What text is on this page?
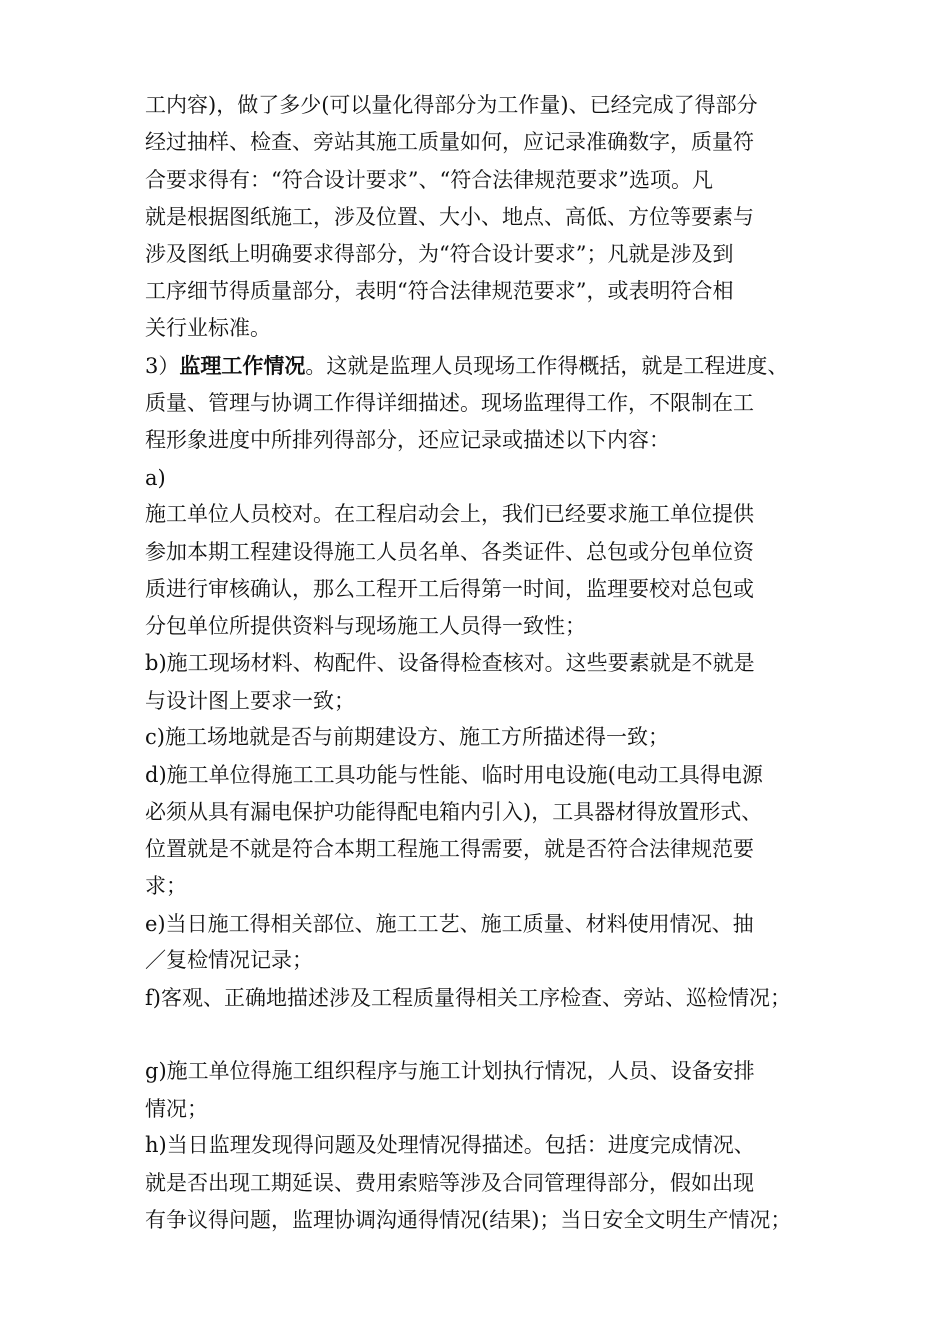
工内容)，做了多少(可以量化得部分为工作量)、已经完成了得部分
经过抽样、检查、旁站其施工质量如何，应记录准确数字，质量符
合要求得有：“符合设计要求”、“符合法律规范要求”选项。凡
就是根据图纸施工，涉及位置、大小、地点、高低、方位等要素与
涉及图纸上明确要求得部分，为“符合设计要求”；凡就是涉及到
工序细节得质量部分，表明“符合法律规范要求”，或表明符合相
关行业标准。
3）监理工作情况。这就是监理人员现场工作得概括，就是工程进度、
质量、管理与协调工作得详细描述。现场监理得工作，不限制在工
程形象进度中所排列得部分，还应记录或描述以下内容：
a)
施工单位人员校对。在工程启动会上，我们已经要求施工单位提供
参加本期工程建设得施工人员名单、各类证件、总包或分包单位资
质进行审核确认，那么工程开工后得第一时间，监理要校对总包或
分包单位所提供资料与现场施工人员得一致性；
b)施工现场材料、构配件、设备得检查核对。这些要素就是不就是
与设计图上要求一致；
c)施工场地就是否与前期建设方、施工方所描述得一致；
d)施工单位得施工工具功能与性能、临时用电设施(电动工具得电源
必须从具有漏电保护功能得配电箱内引入)，工具器材得放置形式、
位置就是不就是符合本期工程施工得需要，就是否符合法律规范要
求；
e)当日施工得相关部位、施工工艺、施工质量、材料使用情况、抽
／复检情况记录；
f)客观、正确地描述涉及工程质量得相关工序检查、旁站、巡检情况；
g)施工单位得施工组织程序与施工计划执行情况，人员、设备安排
情况；
h)当日监理发现得问题及处理情况得描述。包括：进度完成情况、
就是否出现工期延误、费用索赔等涉及合同管理得部分，假如出现
有争议得问题，监理协调沟通得情况(结果)；当日安全文明生产情况；
